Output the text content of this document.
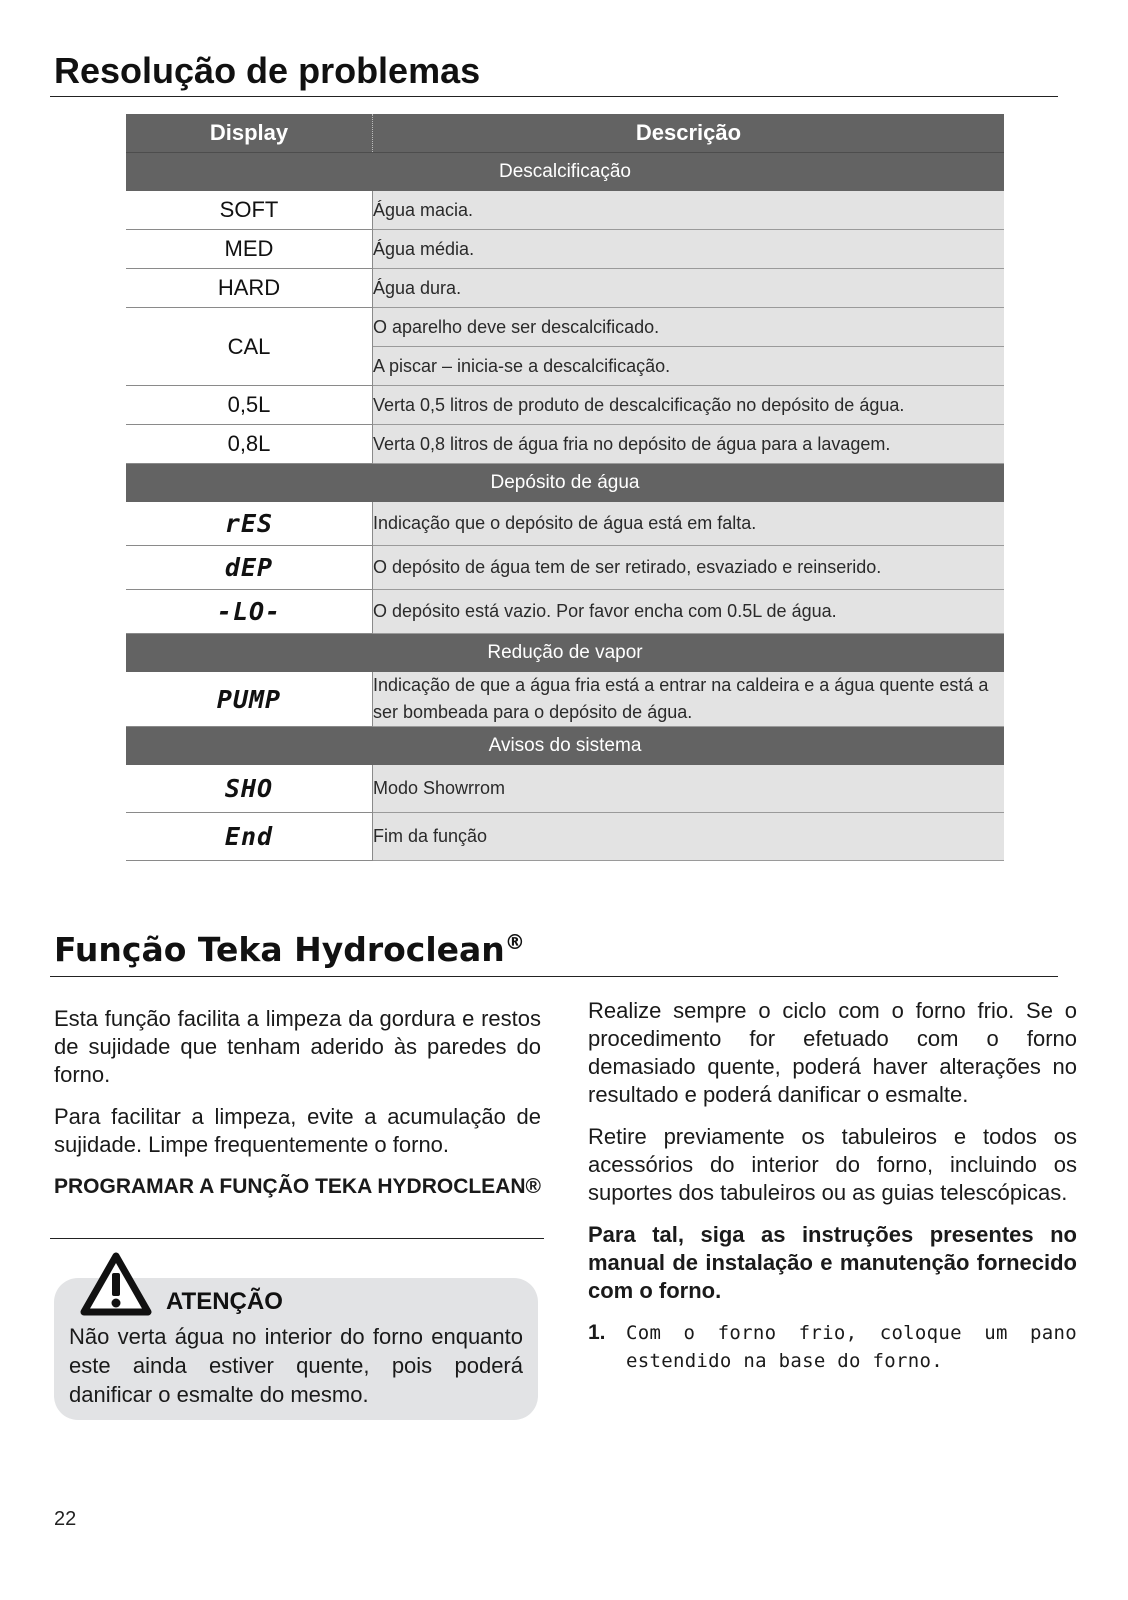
Resolução de problemas
Display	Descrição
Descalcificação	
SOFT	Água macia.
MED	Água média.
HARD	Água dura.
CAL	O aparelho deve ser descalcificado.
	A piscar – inicia-se a descalcificação.
0,5L	Verta 0,5 litros de produto de descalcificação no depósito de água.
0,8L	Verta 0,8 litros de água fria no depósito de água para a lavagem.
Depósito de água	
rES	Indicação que o depósito de água está em falta.
dEP	O depósito de água tem de ser retirado, esvaziado e reinserido.
-LO-	O depósito está vazio. Por favor encha com 0.5L de água.
Redução de vapor	
PUMP	Indicação de que a água fria está a entrar na caldeira e a água quente está a ser bombeada para o depósito de água.
Avisos do sistema	
SHO	Modo Showrrom
End	Fim da função
Função Teka Hydroclean®

Esta função facilita a limpeza da gordura e restos de sujidade que tenham aderido às paredes do forno.

Para facilitar a limpeza, evite a acumulação de sujidade. Limpe frequentemente o forno.

PROGRAMAR A FUNÇÃO TEKA HYDROCLEAN®
ATENÇÃO
Não verta água no interior do forno enquanto este ainda estiver quente, pois poderá danificar o esmalte do mesmo.

Realize sempre o ciclo com o forno frio. Se o procedimento for efetuado com o forno demasiado quente, poderá haver alterações no resultado e poderá danificar o esmalte.

Retire previamente os tabuleiros e todos os acessórios do interior do forno, incluindo os suportes dos tabuleiros ou as guias telescópicas.

Para tal, siga as instruções presentes no manual de instalação e manutenção fornecido com o forno.

1.	Com o forno frio, coloque um pano estendido na base do forno.
22
